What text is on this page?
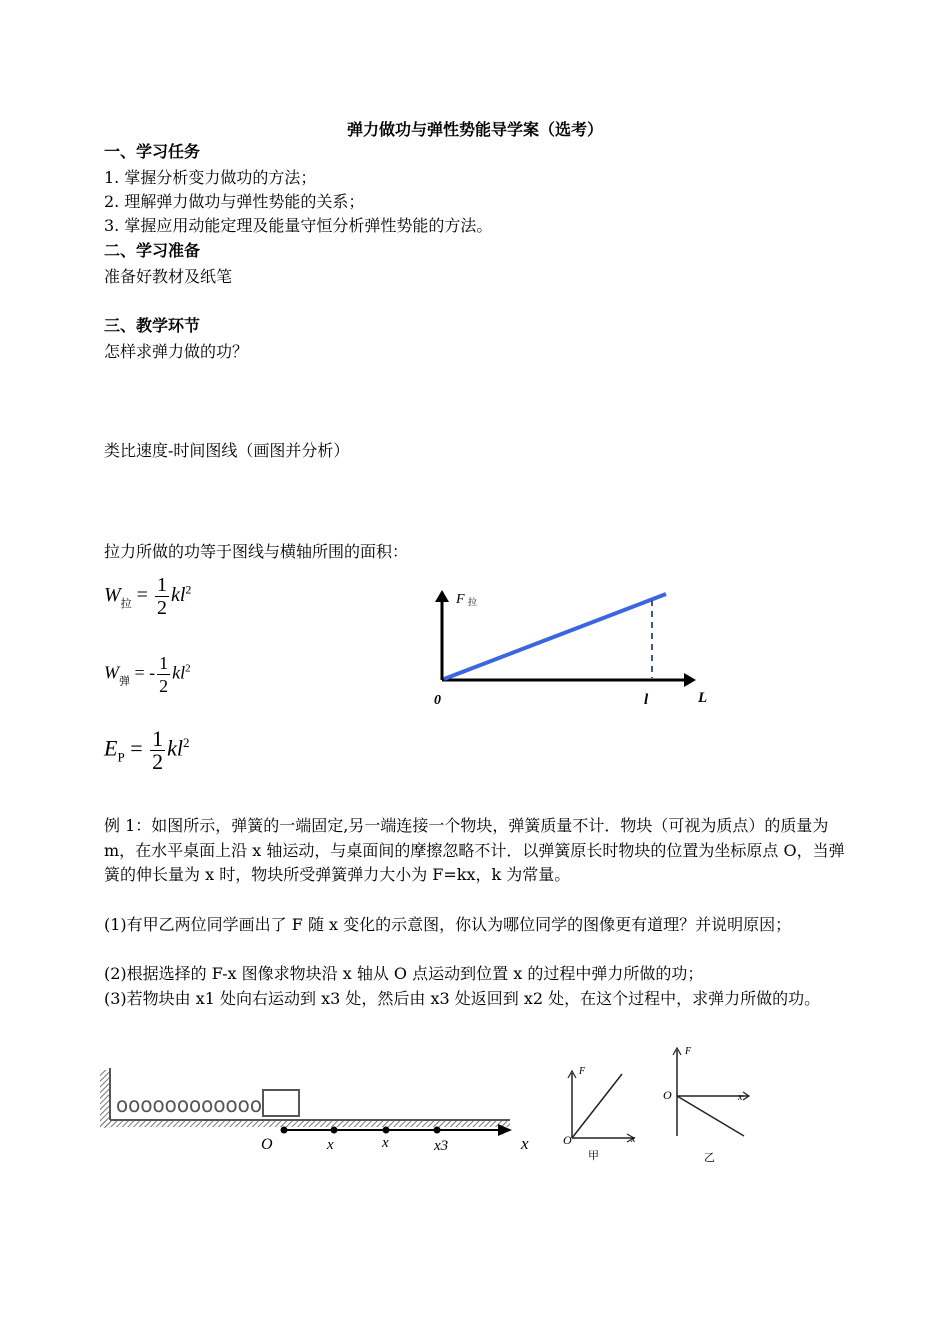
弹力做功与弹性势能导学案（选考）
一、学习任务
1. 掌握分析变力做功的方法；
2. 理解弹力做功与弹性势能的关系；
3. 掌握应用动能定理及能量守恒分析弹性势能的方法。
二、学习准备
准备好教材及纸笔
三、教学环节
怎样求弹力做的功？
类比速度-时间图线（画图并分析）
拉力所做的功等于图线与横轴所围的面积：
$W_拉 = \frac{1}{2} kl^2$
$W_弹$ = - $\frac{1}{2} kl^2$
$E_P = \frac{1}{2} kl^2$
F 拉
0	l	L
例 1：如图所示，弹簧的一端固定,另一端连接一个物块，弹簧质量不计．物块（可视为质点）的质量为 m，在水平桌面上沿 x 轴运动，与桌面间的摩擦忽略不计．以弹簧原长时物块的位置为坐标原点 O，当弹簧的伸长量为 x 时，物块所受弹簧弹力大小为 F=kx，k 为常量。
(1)有甲乙两位同学画出了 F 随 x 变化的示意图，你认为哪位同学的图像更有道理？并说明原因；
(2)根据选择的 F-x 图像求物块沿 x 轴从 O 点运动到位置 x 的过程中弹力所做的功；
(3)若物块由 x1 处向右运动到 x3 处，然后由 x3 处返回到 x2 处，在这个过程中，求弹力所做的功。
oooooooooooo
O	x	x	x3	x
F
x
O
甲
F
x
O
乙
